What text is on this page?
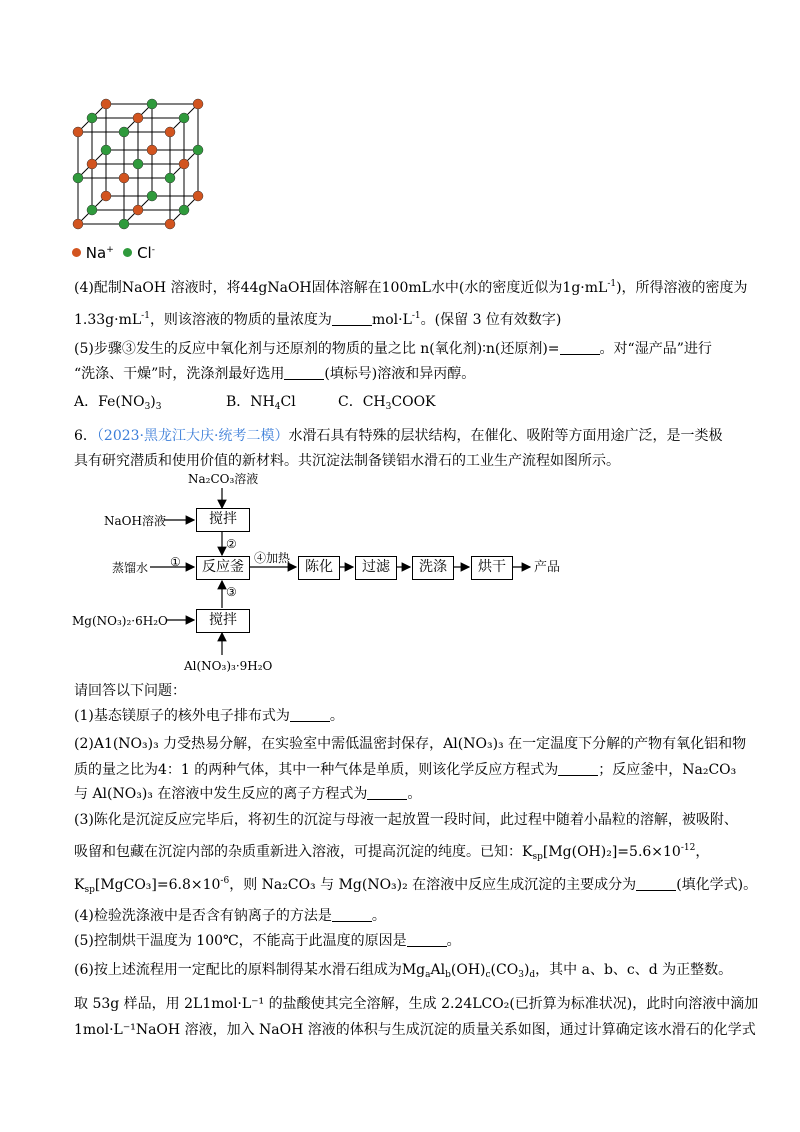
Na+ Cl-
(4)配制NaOH 溶液时，将44gNaOH固体溶解在100mL水中(水的密度近似为$1g\cdot mL^{-1}$)，所得溶液的密度为
$1.33g\cdot mL^{-1}$，则该溶液的物质的量浓度为	$mol\cdot L^{-1}$。(保留 3 位有效数字)
(5)步骤③发生的反应中氧化剂与还原剂的物质的量之比 n(氧化剂)∶n(还原剂)=	。对“湿产品”进行
“洗涤、干燥”时，洗涤剂最好选用	(填标号)溶液和异丙醇。
A．$Fe(NO_3)_3$	B．$NH_4Cl$	C．$CH_3COOK$
6．（2023·黑龙江大庆·统考二模）水滑石具有特殊的层状结构，在催化、吸附等方面用途广泛，是一类极
具有研究潜质和使用价值的新材料。共沉淀法制备镁铝水滑石的工业生产流程如图所示。
Na₂CO₃溶液
NaOH溶液	搅拌
②
蒸馏水 ①	反应釜
④加热
陈化	过滤	洗涤	烘干	产品
③
Mg(NO₃)₂·6H₂O	搅拌
Al(NO₃)₃·9H₂O
请回答以下问题：
(1)基态镁原子的核外电子排布式为	。
(2)A1(NO₃)₃ 力受热易分解，在实验室中需低温密封保存，Al(NO₃)₃ 在一定温度下分解的产物有氧化铝和物
质的量之比为4：1 的两种气体，其中一种气体是单质，则该化学反应方程式为	；反应釜中，Na₂CO₃
与 Al(NO₃)₃ 在溶液中发生反应的离子方程式为	。
(3)陈化是沉淀反应完毕后，将初生的沉淀与母液一起放置一段时间，此过程中随着小晶粒的溶解，被吸附、
吸留和包藏在沉淀内部的杂质重新进入溶液，可提高沉淀的纯度。已知：$K_{sp}[Mg(OH)_2]=5.6\times 10^{-12}$，
$K_{sp}[MgCO_3]=6.8\times 10^{-6}$，则 Na₂CO₃ 与 Mg(NO₃)₂ 在溶液中反应生成沉淀的主要成分为	(填化学式)。
(4)检验洗涤液中是否含有钠离子的方法是	。
(5)控制烘干温度为 100℃，不能高于此温度的原因是	。
(6)按上述流程用一定配比的原料制得某水滑石组成为$Mg_aAl_b(OH)_c(CO_3)_d$，其中 a、b、c、d 为正整数。
取 53g 样品，用 2L1mol·L⁻¹ 的盐酸使其完全溶解，生成 2.24LCO₂(已折算为标准状况)，此时向溶液中滴加
1mol·L⁻¹NaOH 溶液，加入 NaOH 溶液的体积与生成沉淀的质量关系如图，通过计算确定该水滑石的化学式
